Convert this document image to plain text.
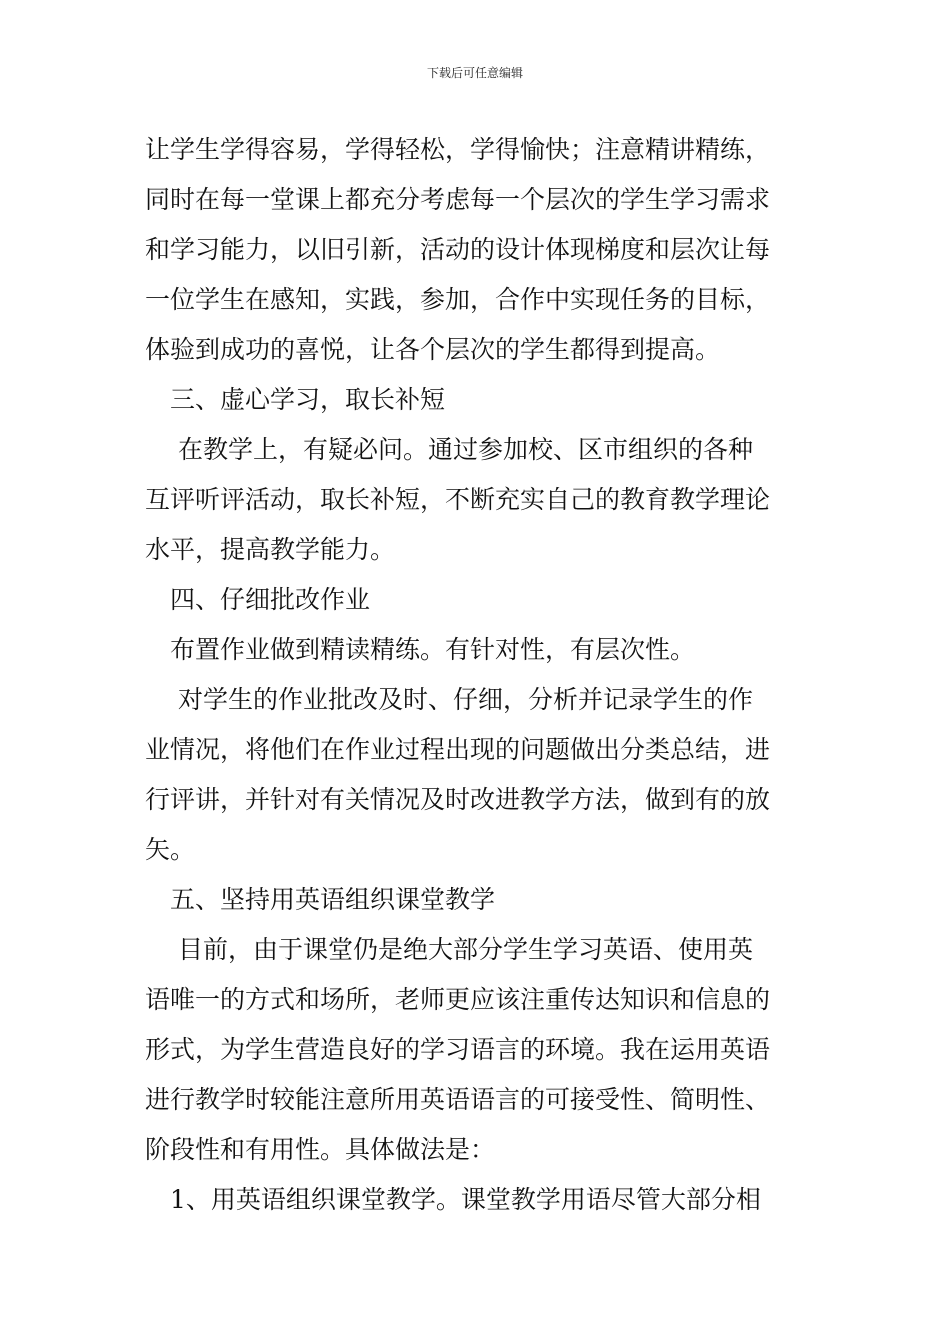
下载后可任意编辑
让学生学得容易，学得轻松，学得愉快；注意精讲精练，
同时在每一堂课上都充分考虑每一个层次的学生学习需求
和学习能力，以旧引新，活动的设计体现梯度和层次让每
一位学生在感知，实践，参加，合作中实现任务的目标，
体验到成功的喜悦，让各个层次的学生都得到提高。
　三、虚心学习，取长补短
　 在教学上，有疑必问。通过参加校、区市组织的各种
互评听评活动，取长补短，不断充实自己的教育教学理论
水平，提高教学能力。
　四、仔细批改作业
　布置作业做到精读精练。有针对性，有层次性。
　 对学生的作业批改及时、仔细，分析并记录学生的作
业情况，将他们在作业过程出现的问题做出分类总结，进
行评讲，并针对有关情况及时改进教学方法，做到有的放
矢。
　五、坚持用英语组织课堂教学
　 目前，由于课堂仍是绝大部分学生学习英语、使用英
语唯一的方式和场所，老师更应该注重传达知识和信息的
形式，为学生营造良好的学习语言的环境。我在运用英语
进行教学时较能注意所用英语语言的可接受性、简明性、
阶段性和有用性。具体做法是：
　1、用英语组织课堂教学。课堂教学用语尽管大部分相
